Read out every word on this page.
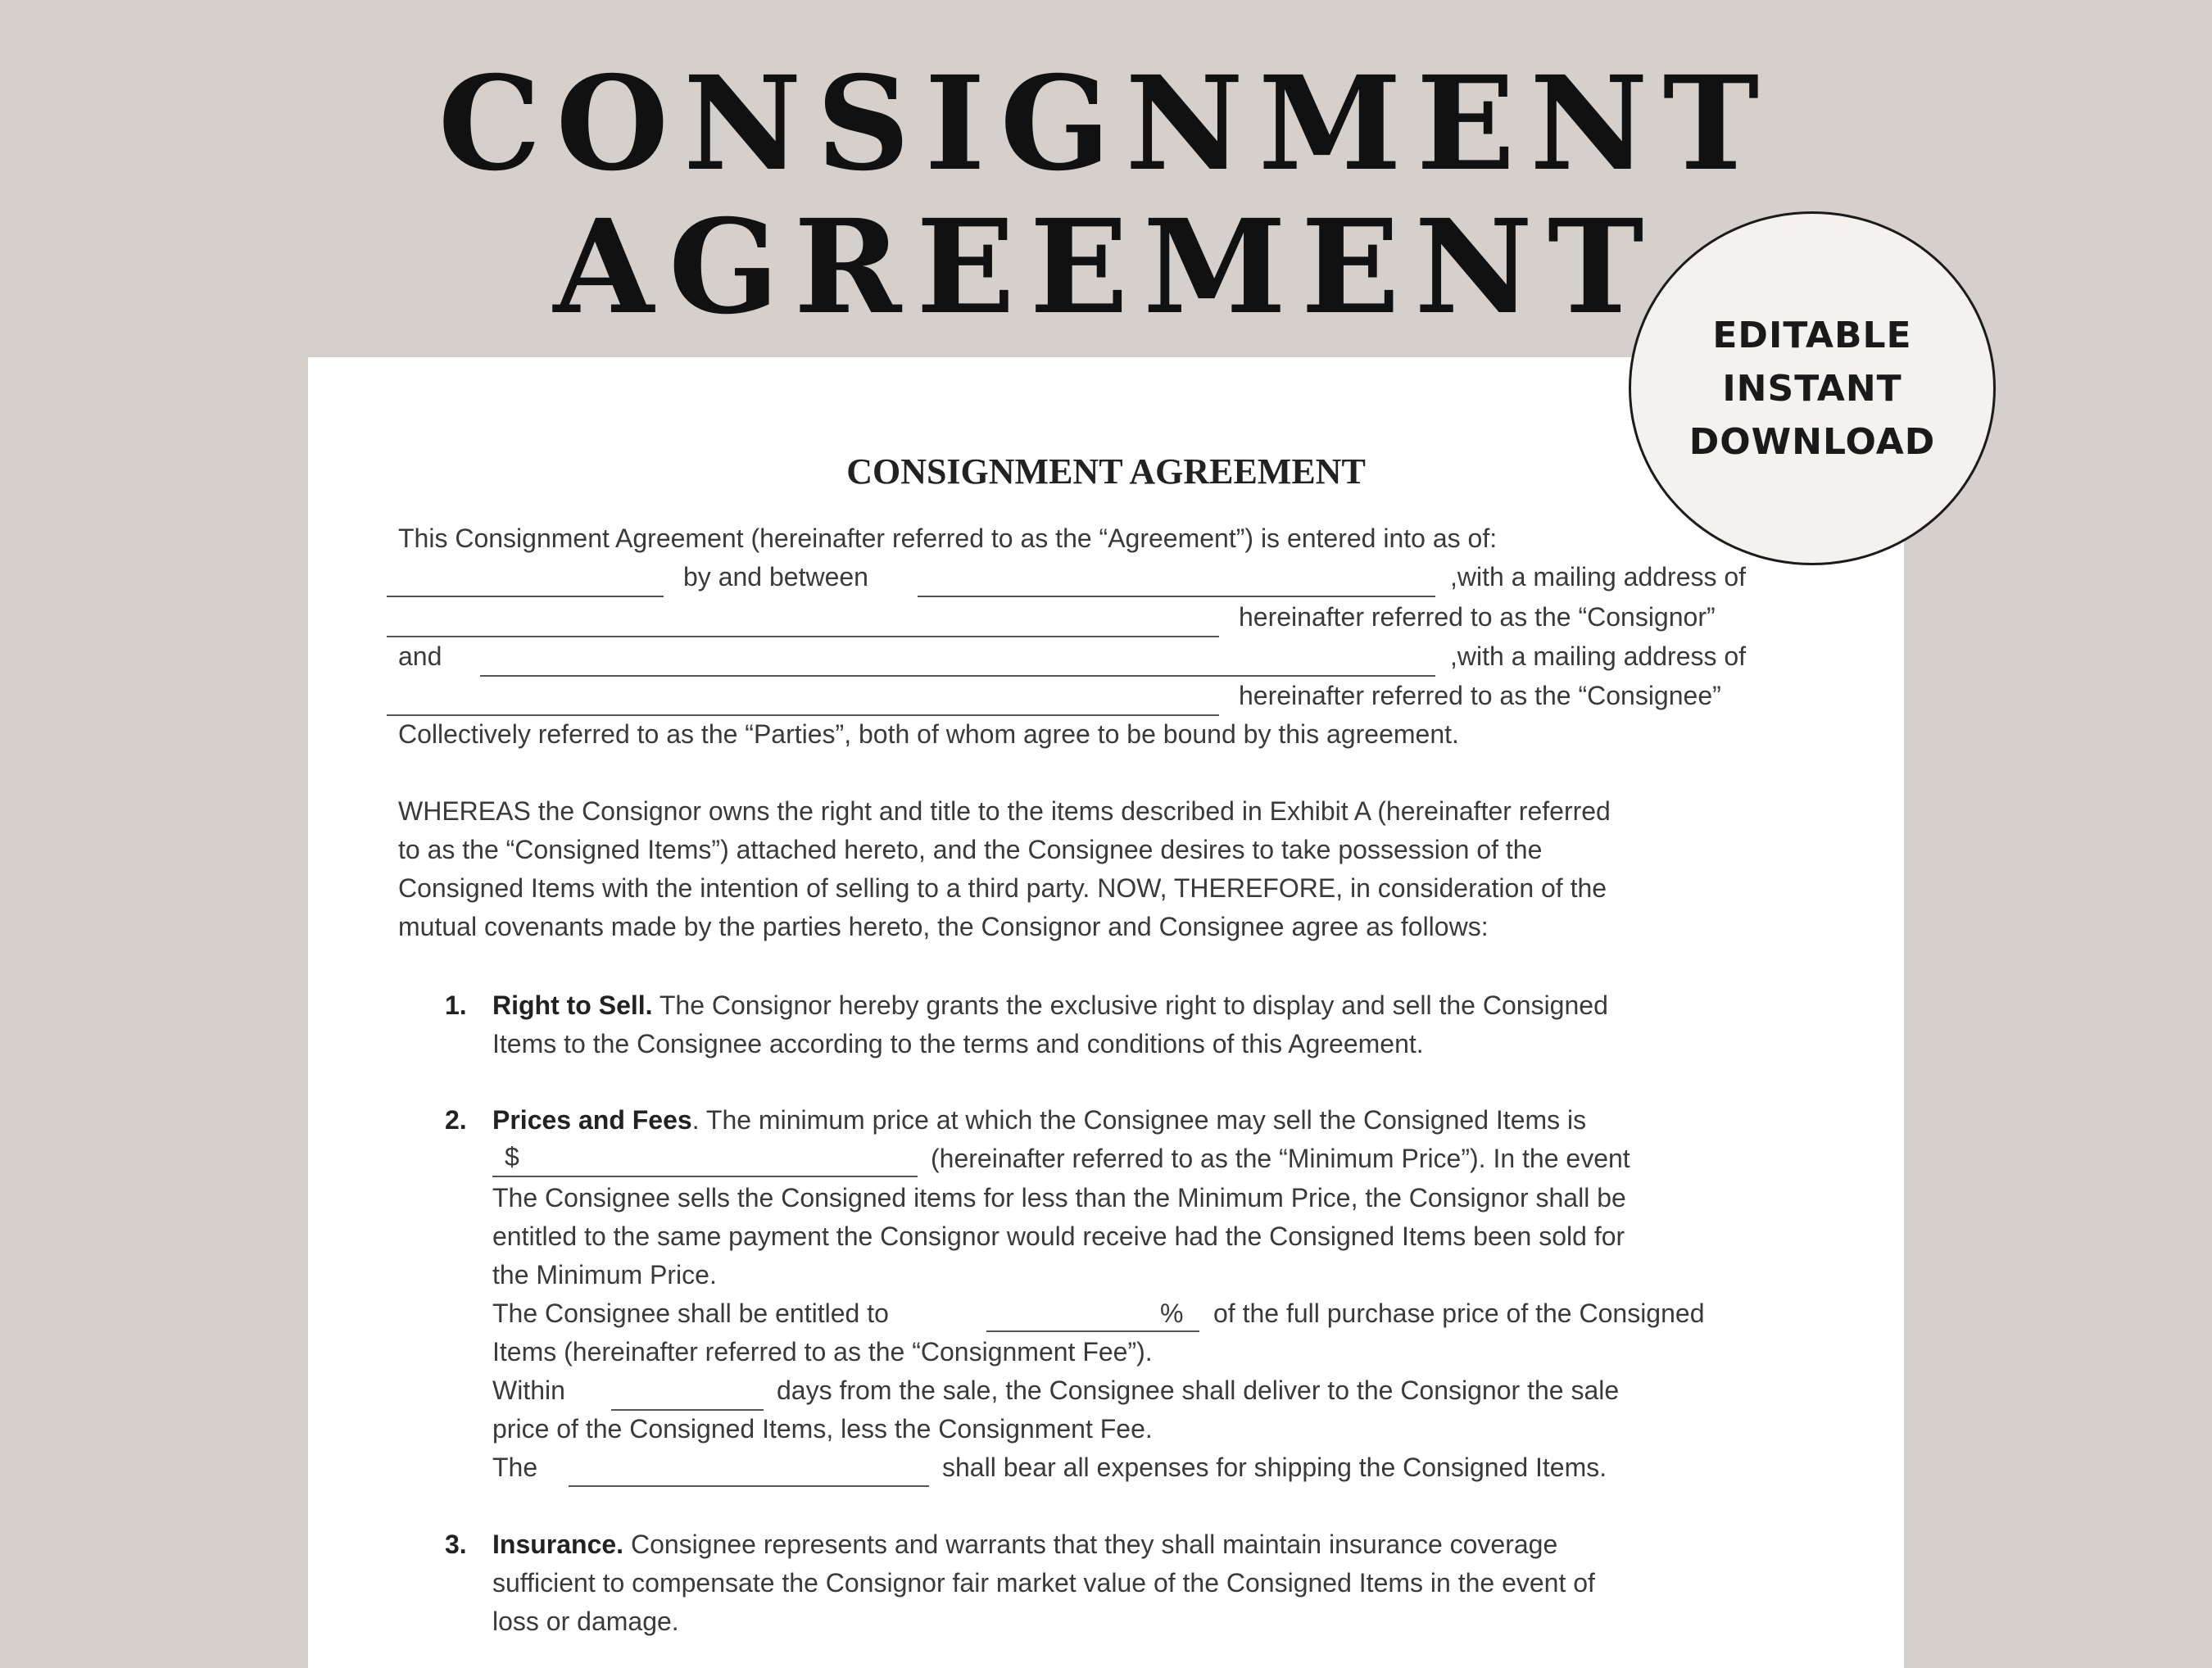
CONSIGNMENT
AGREEMENT
CONSIGNMENT AGREEMENT
This Consignment Agreement (hereinafter referred to as the “Agreement”) is entered into as of:
by and between	,with a mailing address of
hereinafter referred to as the “Consignor”
and	,with a mailing address of
hereinafter referred to as the “Consignee”
Collectively referred to as the “Parties”, both of whom agree to be bound by this agreement.
WHEREAS the Consignor owns the right and title to the items described in Exhibit A (hereinafter referred
to as the “Consigned Items”) attached hereto, and the Consignee desires to take possession of the
Consigned Items with the intention of selling to a third party. NOW, THEREFORE, in consideration of the
mutual covenants made by the parties hereto, the Consignor and Consignee agree as follows:
1. Right to Sell. The Consignor hereby grants the exclusive right to display and sell the Consigned
Items to the Consignee according to the terms and conditions of this Agreement.
2. Prices and Fees. The minimum price at which the Consignee may sell the Consigned Items is
$	(hereinafter referred to as the “Minimum Price”). In the event
The Consignee sells the Consigned items for less than the Minimum Price, the Consignor shall be
entitled to the same payment the Consignor would receive had the Consigned Items been sold for
the Minimum Price.
The Consignee shall be entitled to	% of the full purchase price of the Consigned
Items (hereinafter referred to as the “Consignment Fee”).
Within	days from the sale, the Consignee shall deliver to the Consignor the sale
price of the Consigned Items, less the Consignment Fee.
The	shall bear all expenses for shipping the Consigned Items.
3. Insurance. Consignee represents and warrants that they shall maintain insurance coverage
sufficient to compensate the Consignor fair market value of the Consigned Items in the event of
loss or damage.
EDITABLE
INSTANT
DOWNLOAD
